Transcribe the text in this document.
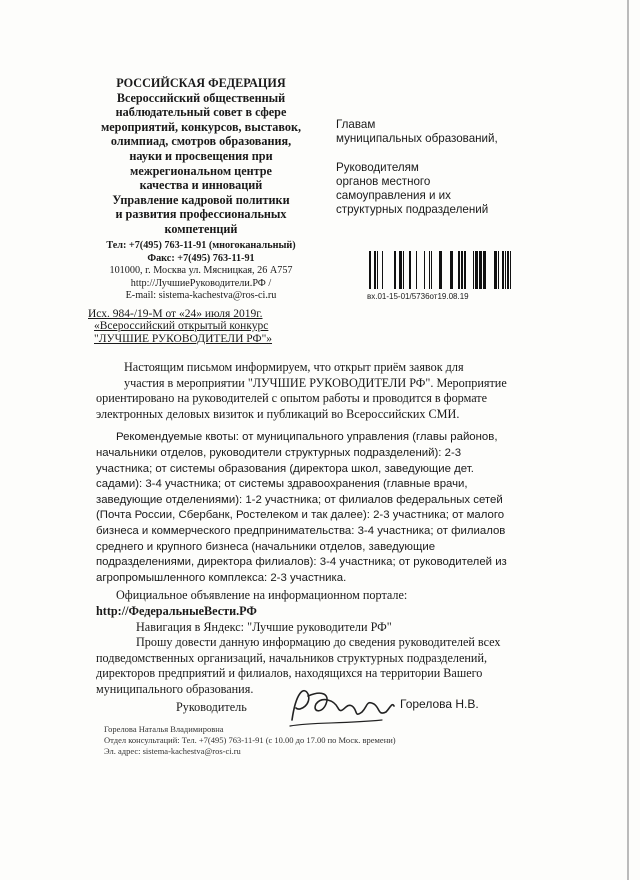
РОССИЙСКАЯ ФЕДЕРАЦИЯ
Всероссийский общественный
наблюдательный совет в сфере
мероприятий, конкурсов, выставок,
олимпиад, смотров образования,
науки и просвещения при
межрегиональном центре
качества и инноваций
Управление кадровой политики
и развития профессиональных
компетенций
Тел: +7(495) 763-11-91 (многоканальный)
Факс: +7(495) 763-11-91
101000, г. Москва ул. Мясницкая, 26 А757
http://ЛучшиеРуководители.РФ /
E-mail: sistema-kachestva@ros-ci.ru
Исх. 984-/19-М от «24» июля 2019г.
«Всероссийский открытый конкурс
"ЛУЧШИЕ РУКОВОДИТЕЛИ РФ"»
Главам
муниципальных образований,

Руководителям
органов местного
самоуправления и их
структурных подразделений
вх.01-15-01/5736от19.08.19

Настоящим письмом информируем, что открыт приём заявок для
участия в мероприятии "ЛУЧШИЕ РУКОВОДИТЕЛИ РФ". Мероприятие
ориентировано на руководителей с опытом работы и проводится в формате
электронных деловых визиток и публикаций во Всероссийских СМИ.

Рекомендуемые квоты: от муниципального управления (главы районов,
начальники отделов, руководители структурных подразделений): 2-3
участника; от системы образования (директора школ, заведующие дет.
садами): 3-4 участника; от системы здравоохранения (главные врачи,
заведующие отделениями): 1-2 участника; от филиалов федеральных сетей
(Почта России, Сбербанк, Ростелеком и так далее): 2-3 участника; от малого
бизнеса и коммерческого предпринимательства: 3-4 участника; от филиалов
среднего и крупного бизнеса (начальники отделов, заведующие
подразделениями, директора филиалов): 3-4 участника; от руководителей из
агропромышленного комплекса: 2-3 участника.

Официальное объявление на информационном портале:
http://ФедеральныеВести.РФ

Навигация в Яндекс: "Лучшие руководители РФ"

Прошу довести данную информацию до сведения руководителей всех
подведомственных организаций, начальников структурных подразделений,
директоров предприятий и филиалов, находящихся на территории Вашего
муниципального образования.

Руководитель	Горелова Н.В.
Горелова Наталья Владимировна
Отдел консультаций: Тел. +7(495) 763-11-91 (с 10.00 до 17.00 по Моск. времени)
Эл. адрес: sistema-kachestva@ros-ci.ru
